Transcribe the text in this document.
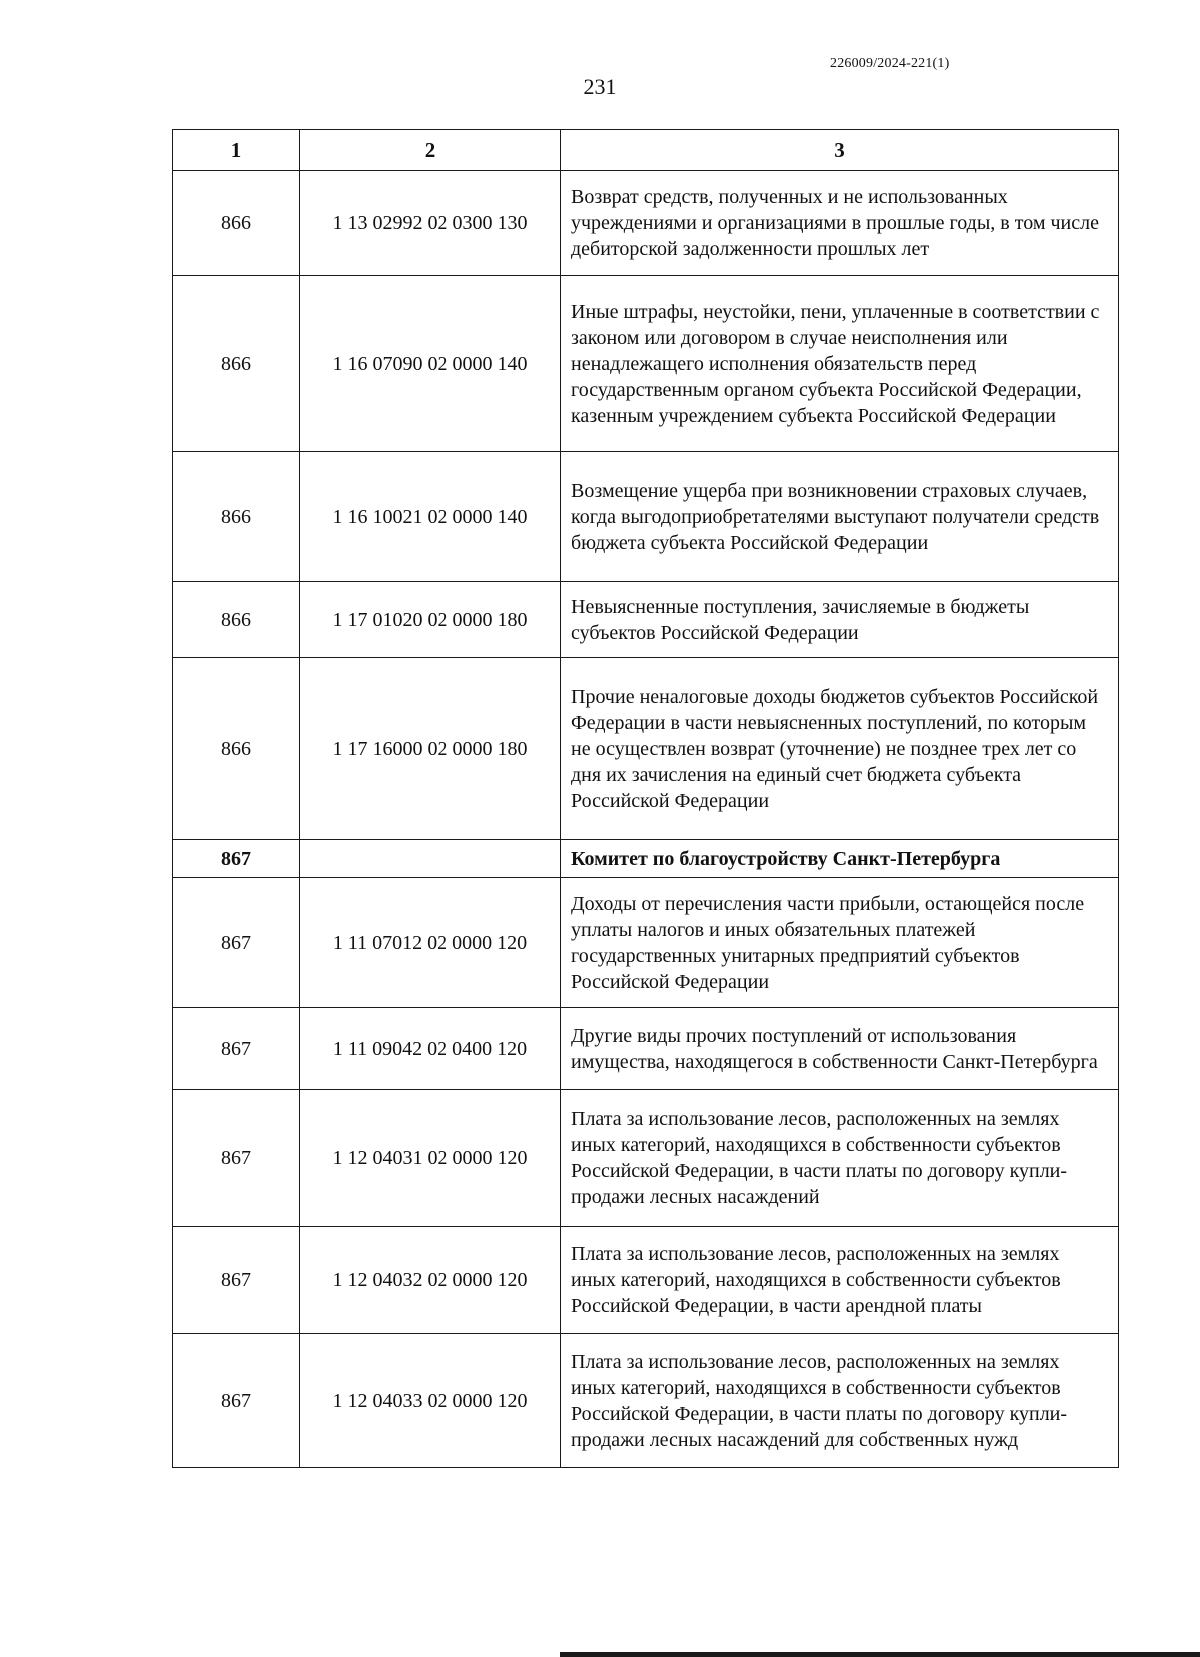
226009/2024-221(1)
231
1	2	3
866	1 13 02992 02 0300 130	Возврат средств, полученных и не использованных учреждениями и организациями в прошлые годы, в том числе дебиторской задолженности прошлых лет
866	1 16 07090 02 0000 140	Иные штрафы, неустойки, пени, уплаченные в соответствии с законом или договором в случае неисполнения или ненадлежащего исполнения обязательств перед государственным органом субъекта Российской Федерации, казенным учреждением субъекта Российской Федерации
866	1 16 10021 02 0000 140	Возмещение ущерба при возникновении страховых случаев, когда выгодоприобретателями выступают получатели средств бюджета субъекта Российской Федерации
866	1 17 01020 02 0000 180	Невыясненные поступления, зачисляемые в бюджеты субъектов Российской Федерации
866	1 17 16000 02 0000 180	Прочие неналоговые доходы бюджетов субъектов Российской Федерации в части невыясненных поступлений, по которым не осуществлен возврат (уточнение) не позднее трех лет со дня их зачисления на единый счет бюджета субъекта Российской Федерации
867		Комитет по благоустройству Санкт-Петербурга
867	1 11 07012 02 0000 120	Доходы от перечисления части прибыли, остающейся после уплаты налогов и иных обязательных платежей государственных унитарных предприятий субъектов Российской Федерации
867	1 11 09042 02 0400 120	Другие виды прочих поступлений от использования имущества, находящегося в собственности Санкт-Петербурга
867	1 12 04031 02 0000 120	Плата за использование лесов, расположенных на землях иных категорий, находящихся в собственности субъектов Российской Федерации, в части платы по договору купли-продажи лесных насаждений
867	1 12 04032 02 0000 120	Плата за использование лесов, расположенных на землях иных категорий, находящихся в собственности субъектов Российской Федерации, в части арендной платы
867	1 12 04033 02 0000 120	Плата за использование лесов, расположенных на землях иных категорий, находящихся в собственности субъектов Российской Федерации, в части платы по договору купли-продажи лесных насаждений для собственных нужд
